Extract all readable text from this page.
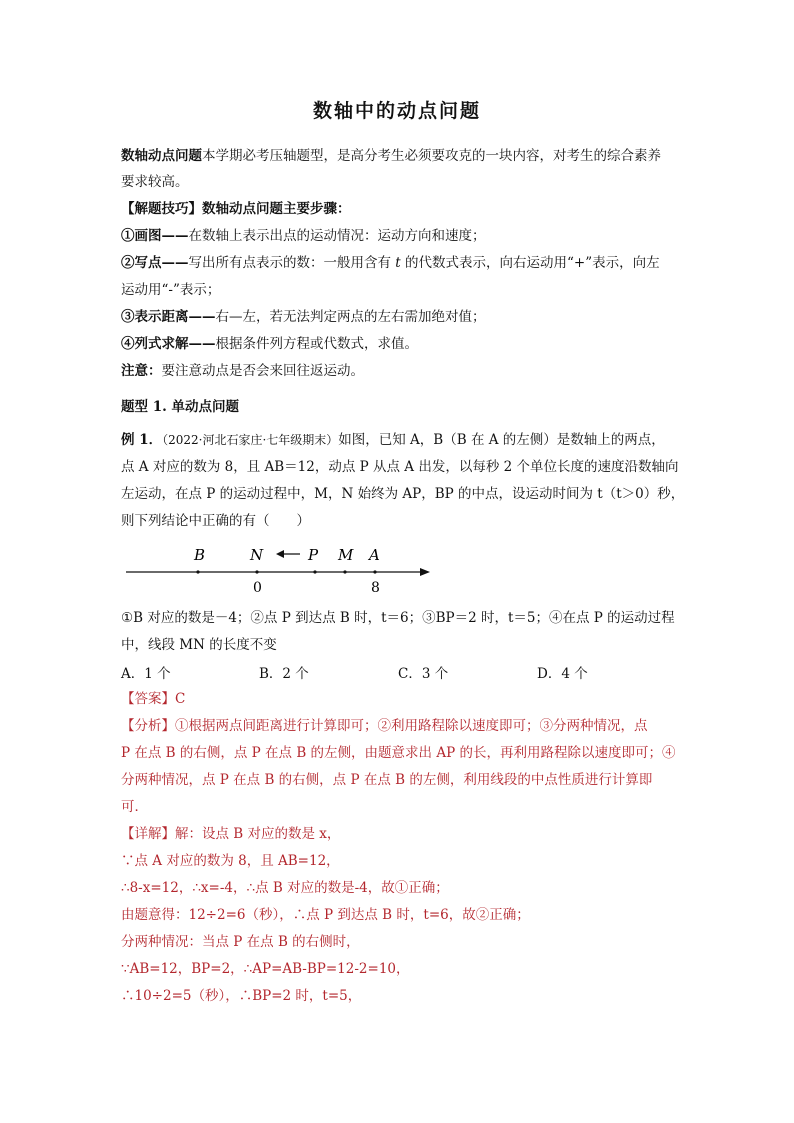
数轴中的动点问题
数轴动点问题本学期必考压轴题型，是高分考生必须要攻克的一块内容，对考生的综合素养
要求较高。
【解题技巧】数轴动点问题主要步骤：
①画图——在数轴上表示出点的运动情况：运动方向和速度；
②写点——写出所有点表示的数：一般用含有 t 的代数式表示，向右运动用“+”表示，向左
运动用“-”表示；
③表示距离——右—左，若无法判定两点的左右需加绝对值；
④列式求解——根据条件列方程或代数式，求值。
注意：要注意动点是否会来回往返运动。
题型 1. 单动点问题
例 1．（2022·河北石家庄·七年级期末）如图，已知 A，B（B 在 A 的左侧）是数轴上的两点，
点 A 对应的数为 8，且 AB＝12，动点 P 从点 A 出发，以每秒 2 个单位长度的速度沿数轴向
左运动，在点 P 的运动过程中，M，N 始终为 AP，BP 的中点，设运动时间为 t（t＞0）秒，
则下列结论中正确的有（　　）
B	N	P M A
0	8
①B 对应的数是－4；②点 P 到达点 B 时，t＝6；③BP＝2 时，t＝5；④在点 P 的运动过程
中，线段 MN 的长度不变
A．1 个	B．2 个	C．3 个	D．4 个
【答案】C
【分析】①根据两点间距离进行计算即可；②利用路程除以速度即可；③分两种情况，点
P 在点 B 的右侧，点 P 在点 B 的左侧，由题意求出 AP 的长，再利用路程除以速度即可；④
分两种情况，点 P 在点 B 的右侧，点 P 在点 B 的左侧，利用线段的中点性质进行计算即
可．
【详解】解：设点 B 对应的数是 x，
∵点 A 对应的数为 8，且 AB=12，
∴8-x=12，∴x=-4，∴点 B 对应的数是-4，故①正确；
由题意得：12÷2=6（秒），∴点 P 到达点 B 时，t=6，故②正确；
分两种情况：当点 P 在点 B 的右侧时，
∵AB=12，BP=2，∴AP=AB-BP=12-2=10，
∴10÷2=5（秒），∴BP=2 时，t=5，
